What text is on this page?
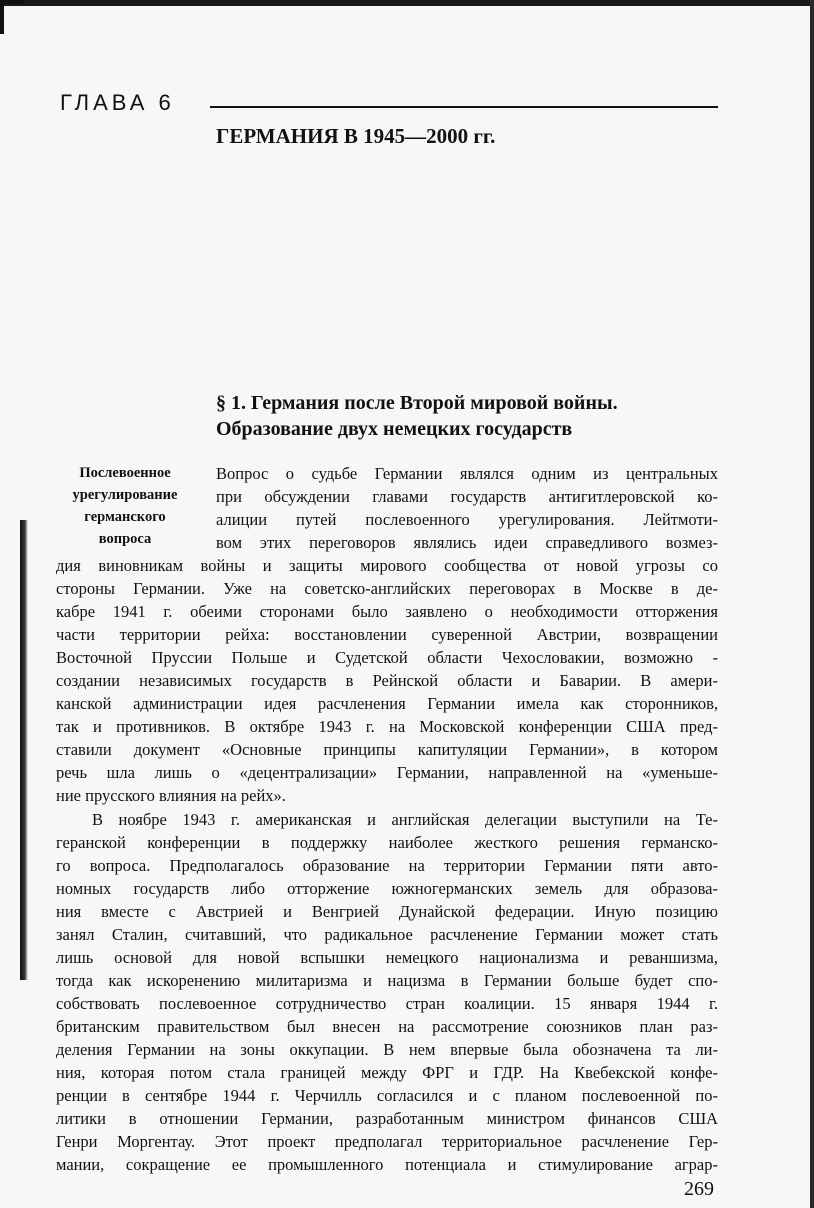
ГЛАВА 6
ГЕРМАНИЯ В 1945—2000 гг.
§ 1. Германия после Второй мировой войны.
Образование двух немецких государств
Послевоенное
урегулирование
германского
вопроса
Вопрос о судьбе Германии являлся одним из центральных
при обсуждении главами государств антигитлеровской ко-
алиции путей послевоенного урегулирования. Лейтмоти-
вом этих переговоров являлись идеи справедливого возмез-
дия виновникам войны и защиты мирового сообщества от новой угрозы со
стороны Германии. Уже на советско-английских переговорах в Москве в де-
кабре 1941 г. обеими сторонами было заявлено о необходимости отторжения
части территории рейха: восстановлении суверенной Австрии, возвращении
Восточной Пруссии Польше и Судетской области Чехословакии, возможно -
создании независимых государств в Рейнской области и Баварии. В амери-
канской администрации идея расчленения Германии имела как сторонников,
так и противников. В октябре 1943 г. на Московской конференции США пред-
ставили документ «Основные принципы капитуляции Германии», в котором
речь шла лишь о «децентрализации» Германии, направленной на «уменьше-
ние прусского влияния на рейх».
В ноябре 1943 г. американская и английская делегации выступили на Те-
геранской конференции в поддержку наиболее жесткого решения германско-
го вопроса. Предполагалось образование на территории Германии пяти авто-
номных государств либо отторжение южногерманских земель для образова-
ния вместе с Австрией и Венгрией Дунайской федерации. Иную позицию
занял Сталин, считавший, что радикальное расчленение Германии может стать
лишь основой для новой вспышки немецкого национализма и реваншизма,
тогда как искоренению милитаризма и нацизма в Германии больше будет спо-
собствовать послевоенное сотрудничество стран коалиции. 15 января 1944 г.
британским правительством был внесен на рассмотрение союзников план раз-
деления Германии на зоны оккупации. В нем впервые была обозначена та ли-
ния, которая потом стала границей между ФРГ и ГДР. На Квебекской конфе-
ренции в сентябре 1944 г. Черчилль согласился и с планом послевоенной по-
литики в отношении Германии, разработанным министром финансов США
Генри Моргентау. Этот проект предполагал территориальное расчленение Гер-
мании, сокращение ее промышленного потенциала и стимулирование аграр-
269
